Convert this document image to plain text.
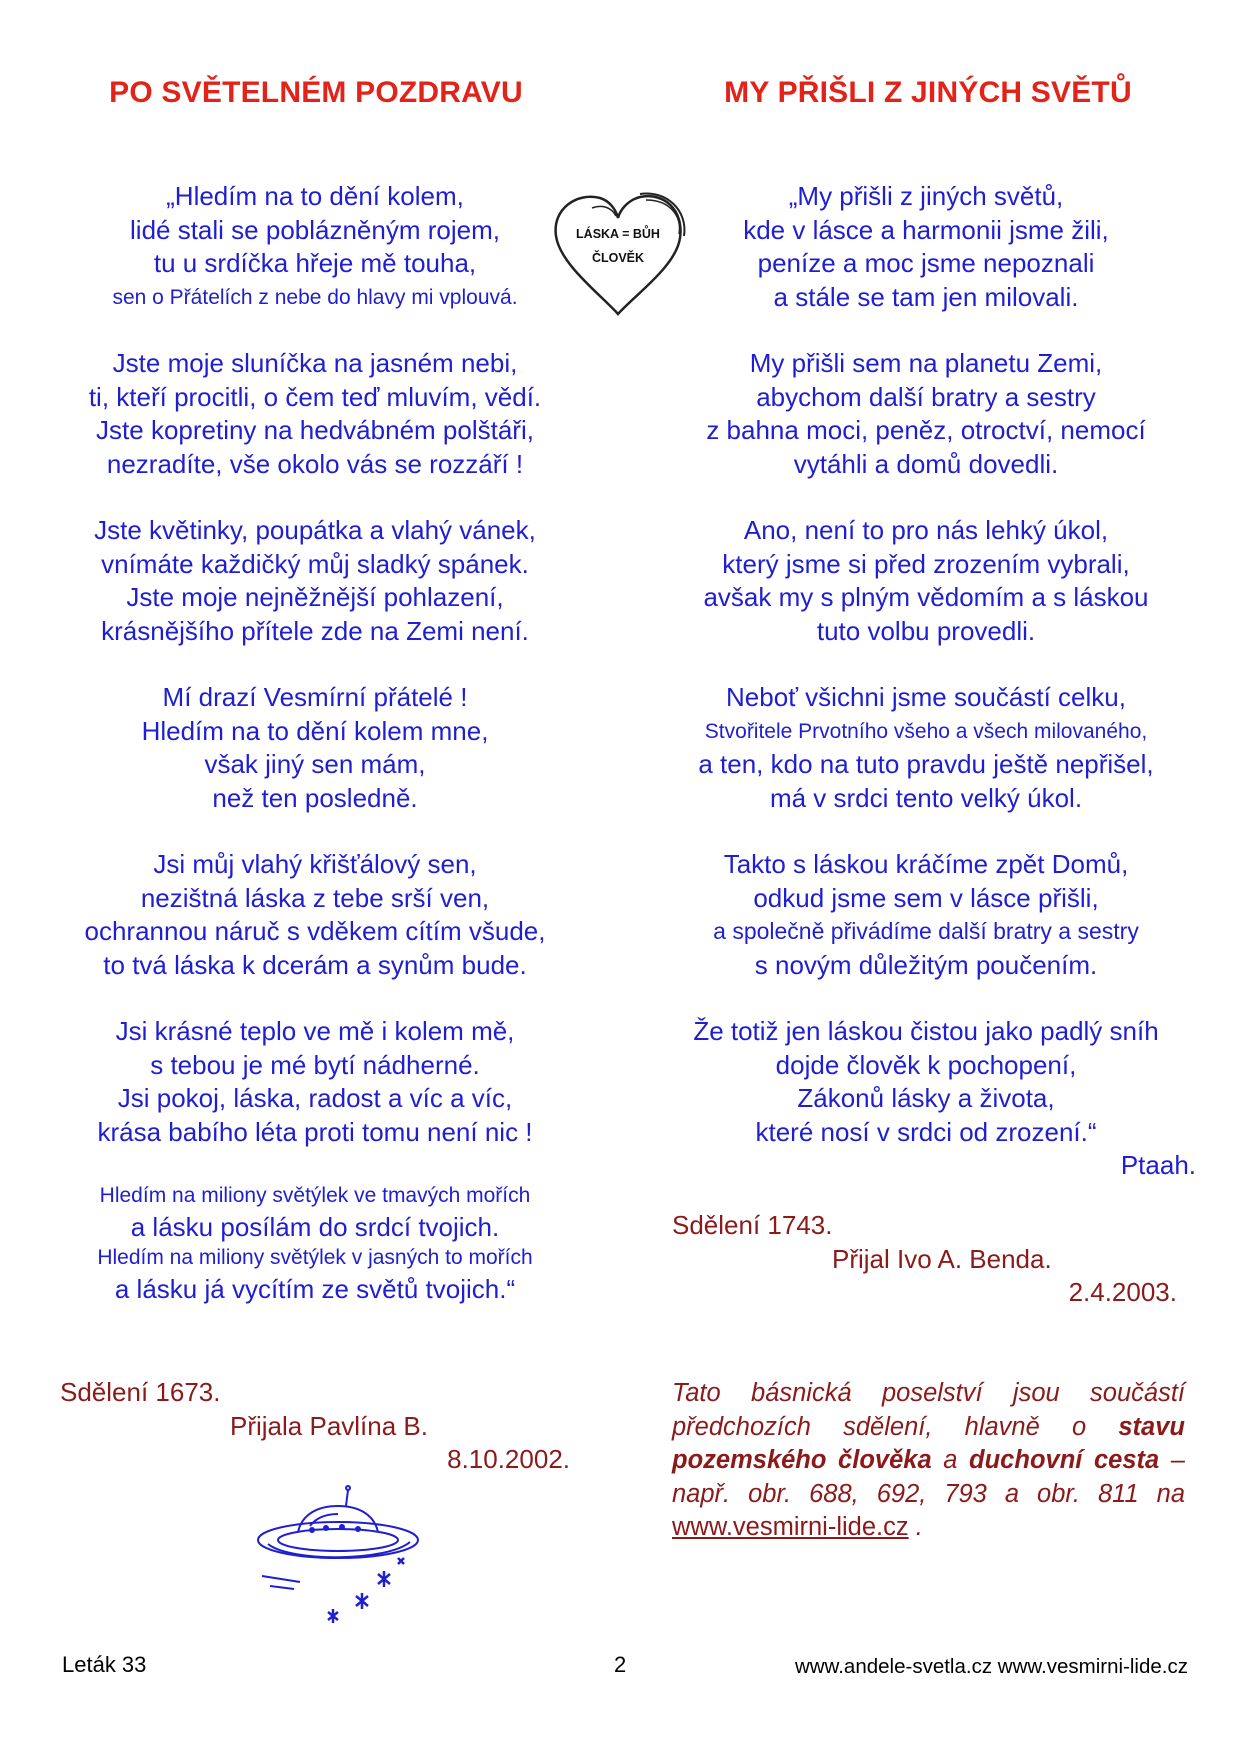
PO SVĚTELNÉM POZDRAVU	MY PŘIŠLI Z JINÝCH SVĚTŮ
LÁSKA = BŮH
ČLOVĚK
„Hledím na to dění kolem,
lidé stali se poblázněným rojem,
tu u srdíčka hřeje mě touha,
sen o Přátelích z nebe do hlavy mi vplouvá.
Jste moje sluníčka na jasném nebi,
ti, kteří procitli, o čem teď mluvím, vědí.
Jste kopretiny na hedvábném polštáři,
nezradíte, vše okolo vás se rozzáří !
Jste květinky, poupátka a vlahý vánek,
vnímáte každičký můj sladký spánek.
Jste moje nejněžnější pohlazení,
krásnějšího přítele zde na Zemi není.
Mí drazí Vesmírní přátelé !
Hledím na to dění kolem mne,
však jiný sen mám,
než ten posledně.
Jsi můj vlahý křišťálový sen,
nezištná láska z tebe srší ven,
ochrannou náruč s vděkem cítím všude,
to tvá láska k dcerám a synům bude.
Jsi krásné teplo ve mě i kolem mě,
s tebou je mé bytí nádherné.
Jsi pokoj, láska, radost a víc a víc,
krása babího léta proti tomu není nic !
Hledím na miliony světýlek ve tmavých mořích
a lásku posílám do srdcí tvojich.
Hledím na miliony světýlek v jasných to mořích
a lásku já vycítím ze světů tvojich.“
„My přišli z jiných světů,
kde v lásce a harmonii jsme žili,
peníze a moc jsme nepoznali
a stále se tam jen milovali.
My přišli sem na planetu Zemi,
abychom další bratry a sestry
z bahna moci, peněz, otroctví, nemocí
vytáhli a domů dovedli.
Ano, není to pro nás lehký úkol,
který jsme si před zrozením vybrali,
avšak my s plným vědomím a s láskou
tuto volbu provedli.
Neboť všichni jsme součástí celku,
Stvořitele Prvotního všeho a všech milovaného,
a ten, kdo na tuto pravdu ještě nepřišel,
má v srdci tento velký úkol.
Takto s láskou kráčíme zpět Domů,
odkud jsme sem v lásce přišli,
a společně přivádíme další bratry a sestry
s novým důležitým poučením.
Že totiž jen láskou čistou jako padlý sníh
dojde člověk k pochopení,
Zákonů lásky a života,
které nosí v srdci od zrození.“
Ptaah.
Sdělení 1673.
Přijala Pavlína B.
8.10.2002.
Sdělení 1743.
Přijal Ivo A. Benda.
2.4.2003.
Tato básnická poselství jsou součástí předchozích sdělení, hlavně o stavu pozemského člověka a duchovní cesta – např. obr. 688, 692, 793 a obr. 811 na www.vesmirni-lide.cz .
Leták 33	2	www.andele-svetla.cz www.vesmirni-lide.cz
